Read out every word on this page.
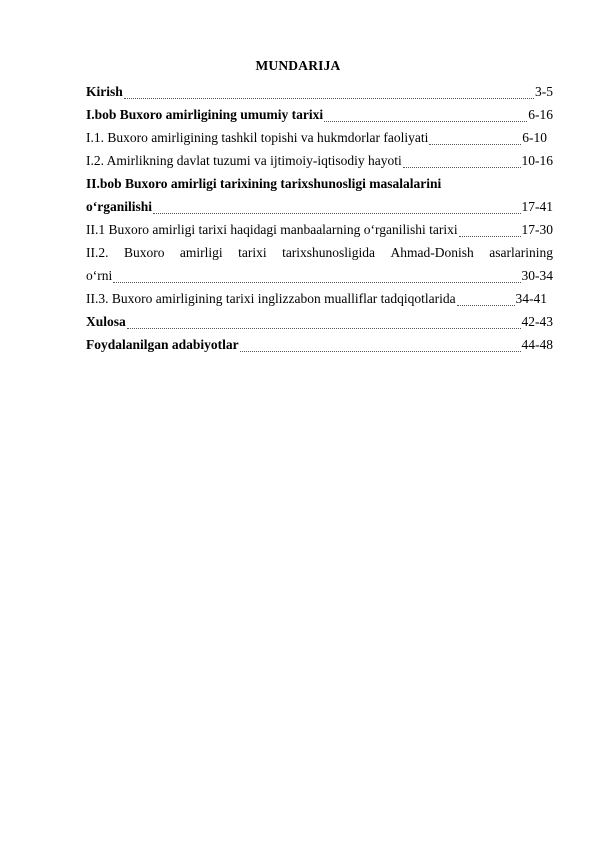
MUNDARIJA
Kirish	3-5
I.bob Buxoro amirligining umumiy tarixi	6-16
I.1. Buxoro amirligining tashkil topishi va hukmdorlar faoliyati	6-10
I.2. Amirlikning davlat tuzumi va ijtimoiy-iqtisodiy hayoti	10-16
II.bob Buxoro amirligi tarixining tarixshunosligi masalalarini
o‘rganilishi	17-41
II.1 Buxoro amirligi tarixi haqidagi manbaalarning o‘rganilishi tarixi	17-30
II.2. Buxoro amirligi tarixi tarixshunosligida Ahmad-Donish asarlarining
o‘rni	30-34
II.3. Buxoro amirligining tarixi inglizzabon mualliflar tadqiqotlarida	34-41
Xulosa	42-43
Foydalanilgan adabiyotlar	44-48
